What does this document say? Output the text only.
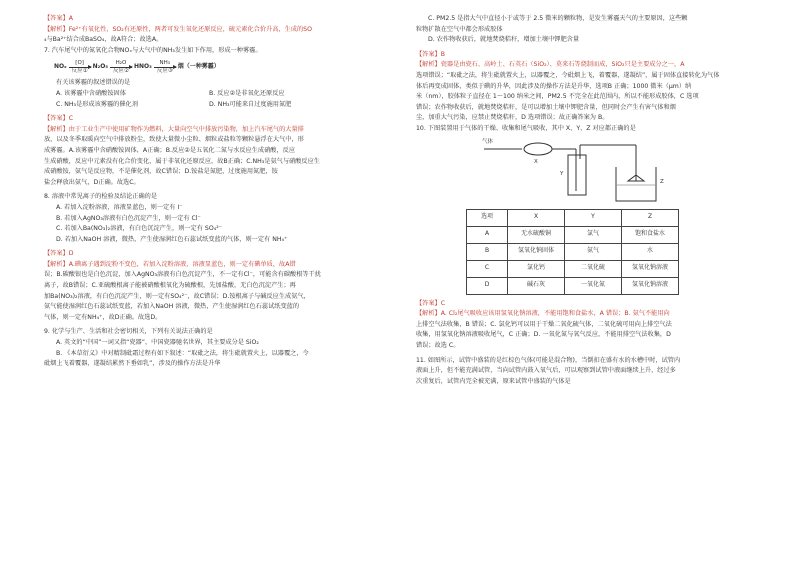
【答案】A

【解析】Fe²⁺有氧化性，SO₂有还原性，两者可发生氧化还原反应，硫元素化合价升高，生成的SO

₄与Ba²⁺结合成BaSO₄，故A符合；故选A。

7. 汽车尾气中的氮氧化合物NOₓ与大气中的NH₃发生如下作用，形成一种雾霾。

NOₓ
[O]
反应①
N₂O₅
H₂O
反应②
HNO₃
NH₃
反应③
烟（一种雾霾）

有关该雾霾的叙述错误的是

A. 该雾霾中含硝酸铵固体	B. 反应②是非氧化还原反应
C. NH₃是形成该雾霾的催化剂	D. NH₃可能来自过度施用氮肥

【答案】C

【解析】由于工业生产中使用矿物作为燃料，大量向空气中排放污染物，加上汽车尾气的大量排

放，以及冬季取暖向空气中排放粉尘，致使大量微小尘粒、烟粒或盐粒等颗粒悬浮在大气中，形

成雾霾。A.该雾霾中含硝酸铵固体，A正确；B.反应②是五氧化二氮与水反应生成硝酸，反应

生成硝酸，反应中元素没有化合价变化，属于非氧化还原反应，故B正确；C.NH₃是氨气与硝酸反应生

成硝酸铵，氨气是反应物，不是催化剂，故C错误；D.铵盐是氮肥，过度施用氮肥，铵

盐会释放出氨气，D正确。故选C。

8. 溶液中常见离子的检验及结论正确的是

A. 若加入淀粉溶液，溶液显蓝色，则一定有 I⁻

B. 若加入AgNO₃溶液有白色沉淀产生，则一定有 Cl⁻

C. 若加入Ba(NO₃)₂溶液，有白色沉淀产生，则一定有 SO₄²⁻

D. 若加入NaOH 溶液，微热，产生使湿润红色石蕊试纸变蓝的气体，则一定有 NH₄⁺

【答案】D

【解析】A.碘离子遇到淀粉不变色，若加入淀粉溶液，溶液显蓝色，则一定有碘单质，故A错

误；B.碳酸银也是白色沉淀，加入AgNO₃溶液有白色沉淀产生，不一定有Cl⁻，可能含有碳酸根等干扰

离子，故B错误；C.亚硫酸根离子能被硝酸根氧化为硫酸根，先加盐酸，无白色沉淀产生；再

加Ba(NO₃)₂溶液，有白色沉淀产生，则一定有SO₄²⁻，故C错误；D.铵根离子与碱反应生成氨气，

氨气能使湿润红色石蕊试纸变蓝，若加入NaOH 溶液，微热，产生使湿润红色石蕊试纸变蓝的

气体，则一定有NH₄⁺，故D正确。故选D。

9. 化学与生产、生活和社会密切相关，下列有关说法正确的是

A. 英文的“中国”一词又指“瓷器”，中国瓷器驰名世界，其主要成分是 SiO₂

B. 《本草衍义》中对精制砒霜过程有如下叙述：“取砒之法，将生砒就置火上，以器覆之，令

砒烟上飞着覆器，遂凝结累然下垂如乳”，涉及的操作方法是升华

C. PM2.5 是指大气中直径小于或等于 2.5 微米的颗粒物，是发生雾霾天气的主要原因，这些颗

粒物扩散在空气中都会形成胶体

D. 农作物收获后，就地焚烧秸秆，增加土壤中钾肥含量

【答案】B

【解析】瓷器是由瓷石、高岭土、石英石（SiO₂）、莫来石等烧制而成，SiO₂只是主要成分之一，A

选项错误；“取砒之法，将生砒就置火上，以器覆之，令砒烟上飞，着覆器，遂凝结”，属于固体直接转化为气体

体后再变成固体，类似于碘的升华，因此涉及的操作方法是升华，选项B 正确；1000 微米（μm）纳

米（nm），胶体粒子直径在 1～100 纳米之间，PM2.5 不完全在此范围内，所以不能形成胶体，C 选项

错误；农作物收获后，就地焚烧秸秆，是可以增加土壤中钾肥含量，但同时会产生有害气体和烟

尘，加重大气污染，应禁止焚烧秸秆，D 选项错误；故正确答案为 B。

10. 下图装置用于气体的干燥、收集和尾气吸收，其中 X、Y、Z 对应都正确的是

气体
X
Y
Z
选项	X	Y	Z
A	无水硫酸铜	氯气	饱和食盐水
B	氢氧化钠固体	氨气	水
C	氯化钙	二氧化硫	氢氧化钠溶液
D	碱石灰	一氧化氮	氢氧化钠溶液

【答案】C

【解析】A. Cl₂尾气吸收应该用氢氧化钠溶液，不能用饱和食盐水，A 错误；B. 氨气不能用向

上排空气法收集，B 错误；C. 氯化钙可以用于干燥二氧化硫气体，二氧化硫可用向上排空气法

收集，用氢氧化钠溶液吸收尾气，C 正确；D. 一氧化氮与氧气反应，不能用排空气法收集，D

错误；故选 C。

11. 如图所示，试管中盛装的是红棕色气体(可能是混合物)，当倒扣在盛有水的水槽中时，试管内

液面上升，但不能充满试管，当向试管内鼓入氧气后，可以观察到试管中液面继续上升，经过多

次重复后，试管内完全被充满，原来试管中盛装的气体是
